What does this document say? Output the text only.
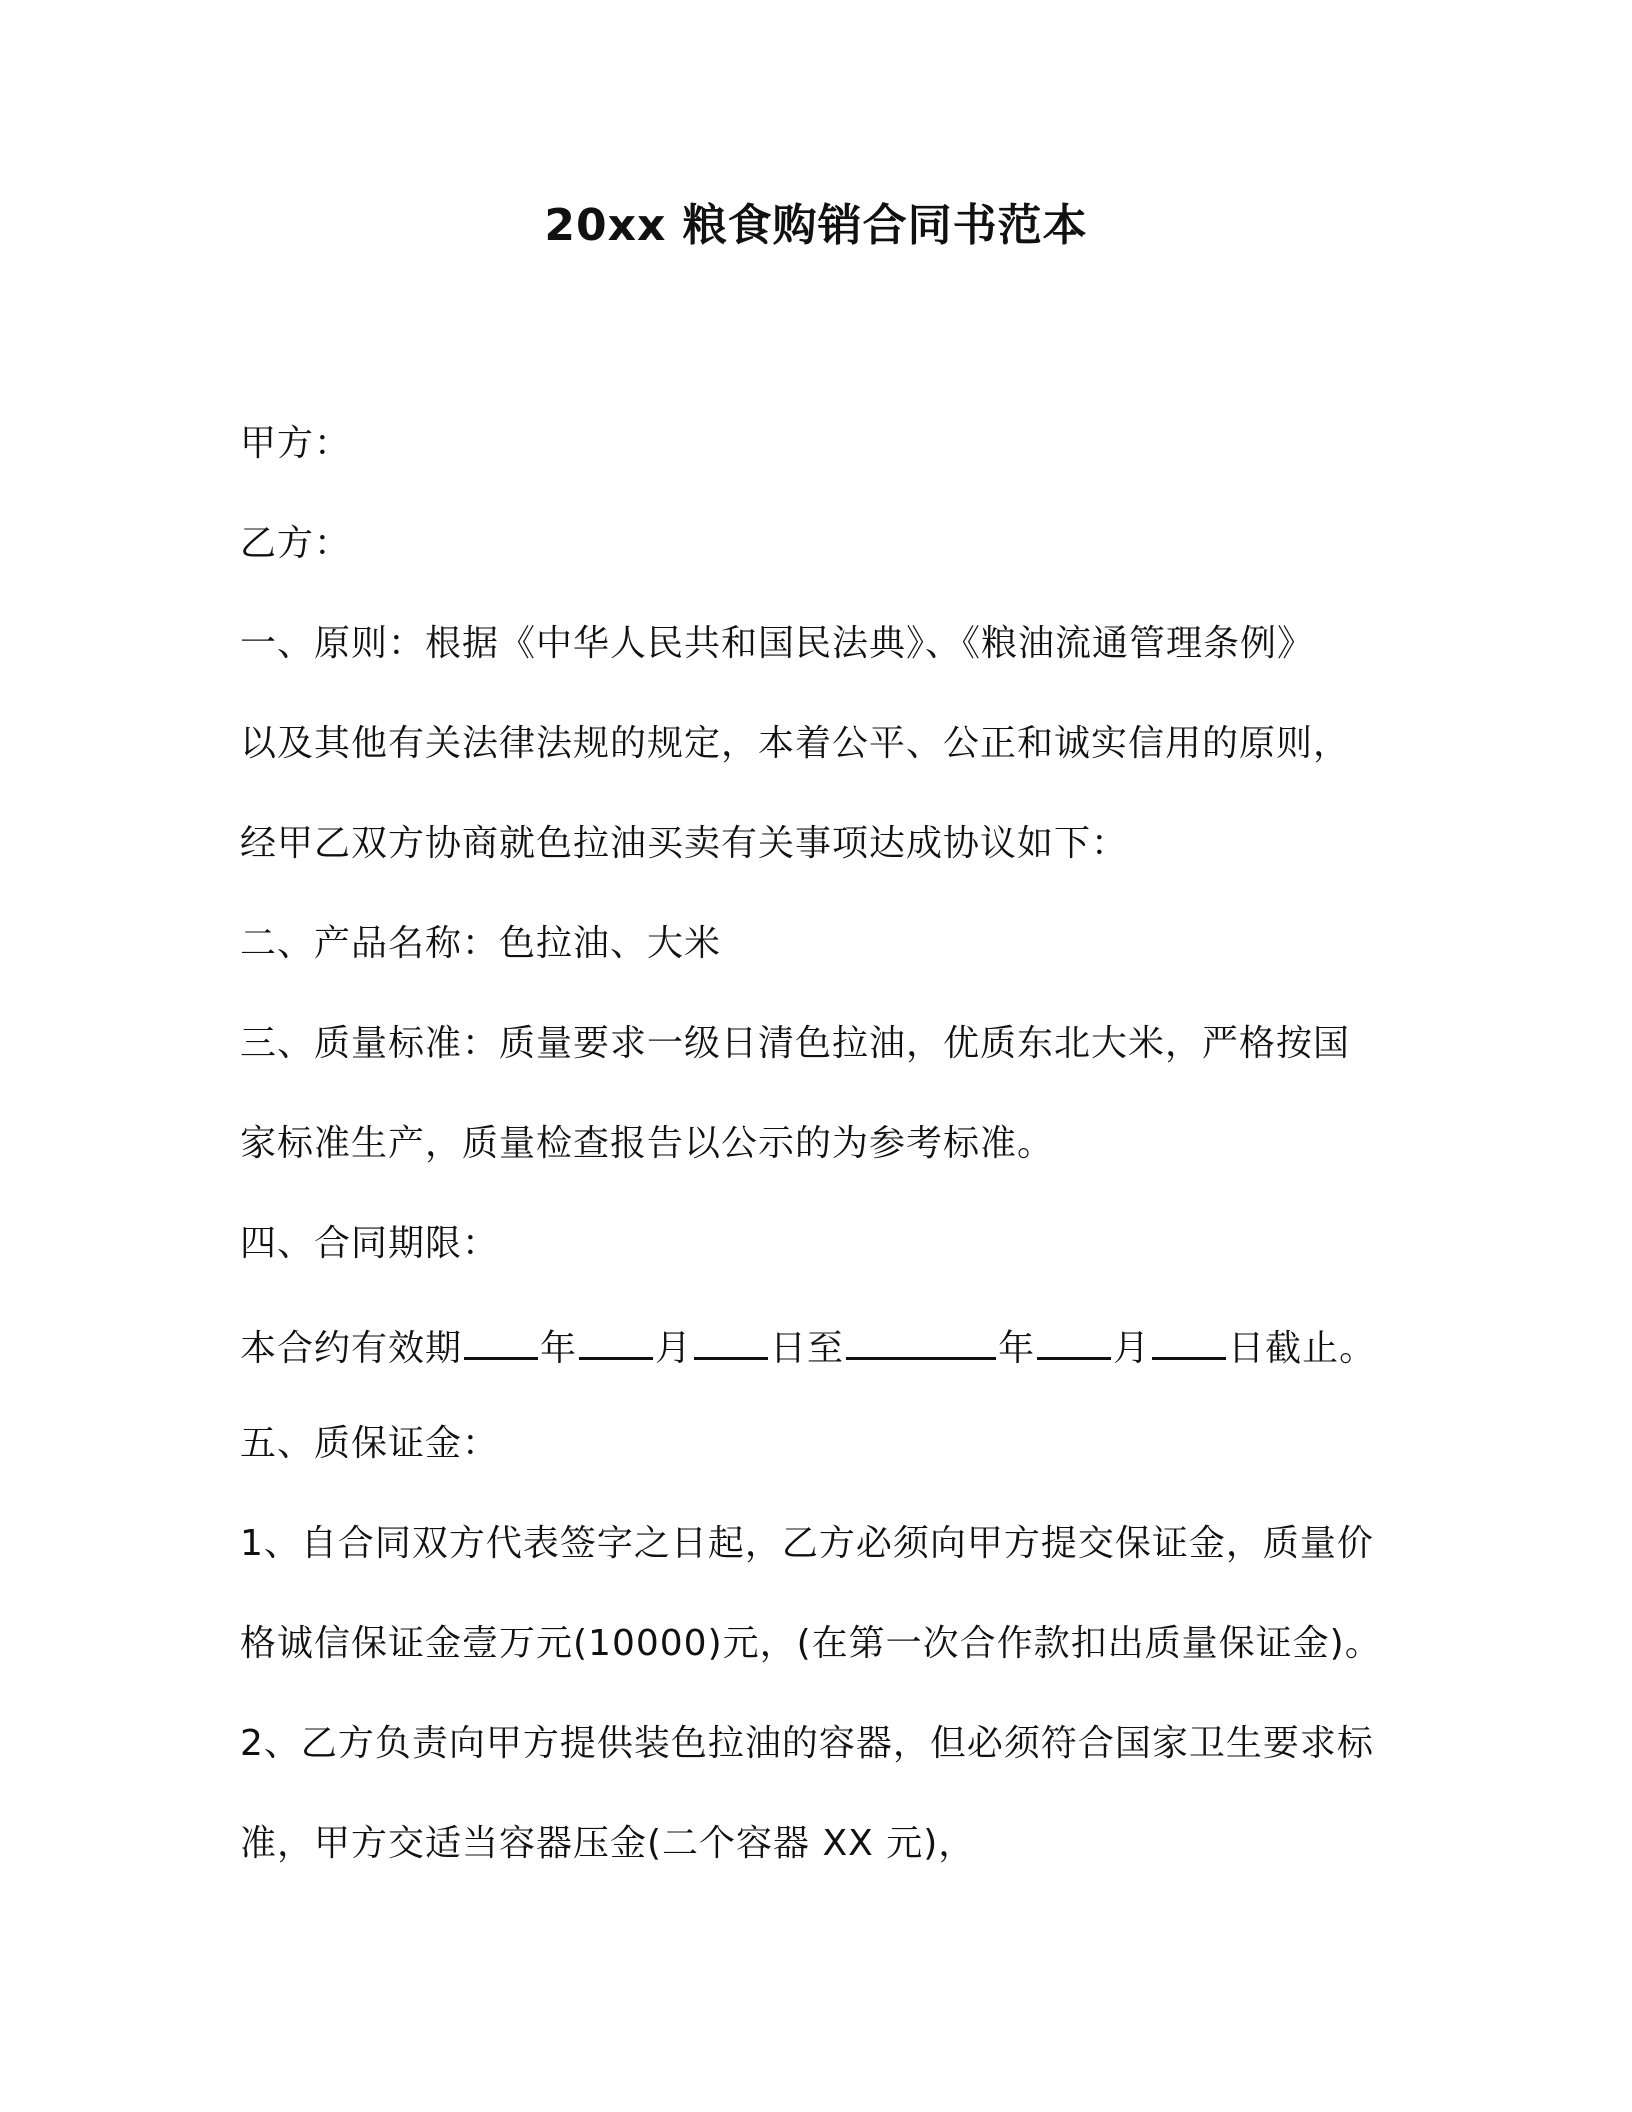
20xx 粮食购销合同书范本
甲方：
乙方：
一、原则：根据《中华人民共和国民法典》、《粮油流通管理条例》
以及其他有关法律法规的规定，本着公平、公正和诚实信用的原则，
经甲乙双方协商就色拉油买卖有关事项达成协议如下：
二、产品名称：色拉油、大米
三、质量标准：质量要求一级日清色拉油，优质东北大米，严格按国
家标准生产，质量检查报告以公示的为参考标准。
四、合同期限：
本合约有效期 年 月 日至	年 月 日截止。
五、质保证金：
1、自合同双方代表签字之日起，乙方必须向甲方提交保证金，质量价
格诚信保证金壹万元(10000)元，(在第一次合作款扣出质量保证金)。
2、乙方负责向甲方提供装色拉油的容器，但必须符合国家卫生要求标
准，甲方交适当容器压金(二个容器 XX 元)，
